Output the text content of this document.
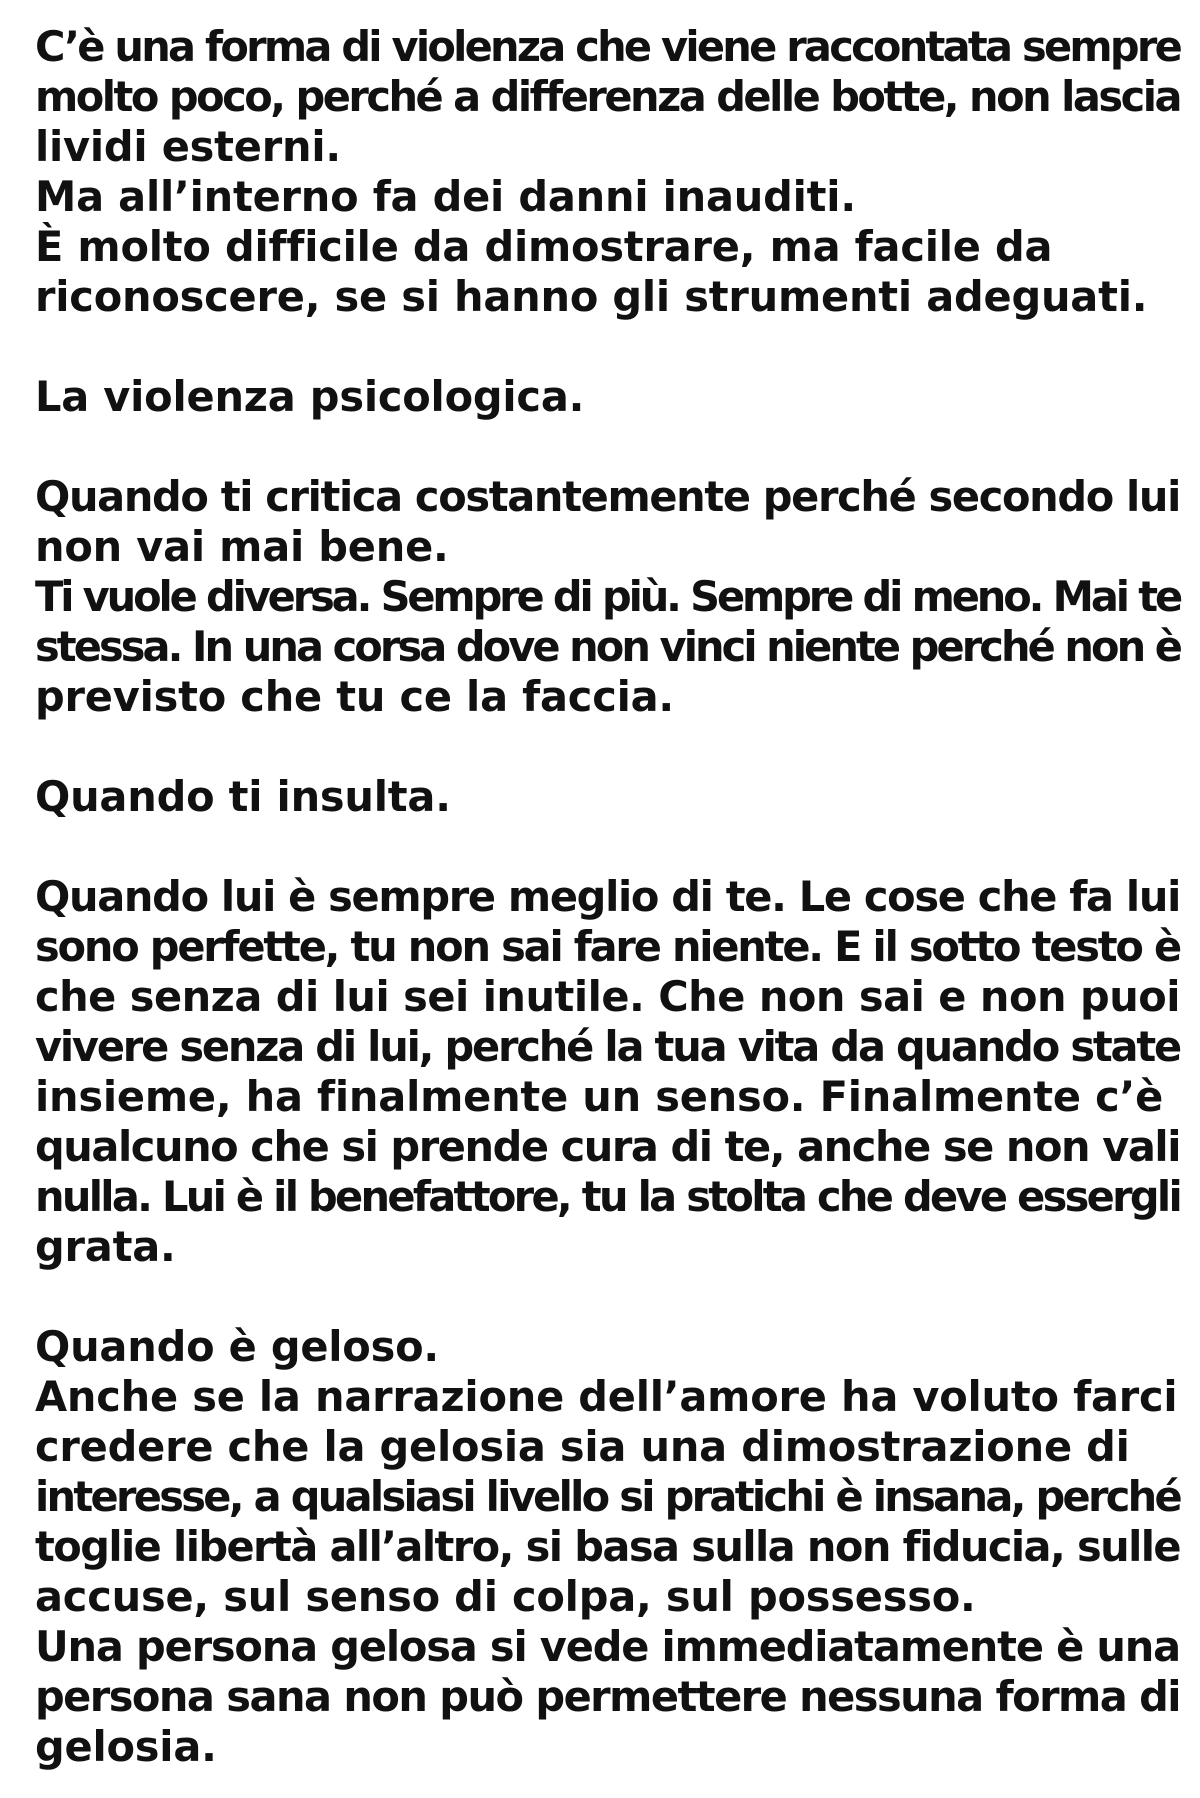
C’è una forma di violenza che viene raccontata sempre
molto poco, perché a differenza delle botte, non lascia
lividi esterni.
Ma all’interno fa dei danni inauditi.
È molto difficile da dimostrare, ma facile da
riconoscere, se si hanno gli strumenti adeguati.
La violenza psicologica.
Quando ti critica costantemente perché secondo lui
non vai mai bene.
Ti vuole diversa. Sempre di più. Sempre di meno. Mai te
stessa. In una corsa dove non vinci niente perché non è
previsto che tu ce la faccia.
Quando ti insulta.
Quando lui è sempre meglio di te. Le cose che fa lui
sono perfette, tu non sai fare niente. E il sotto testo è
che senza di lui sei inutile. Che non sai e non puoi
vivere senza di lui, perché la tua vita da quando state
insieme, ha finalmente un senso. Finalmente c’è
qualcuno che si prende cura di te, anche se non vali
nulla. Lui è il benefattore, tu la stolta che deve essergli
grata.
Quando è geloso.
Anche se la narrazione dell’amore ha voluto farci
credere che la gelosia sia una dimostrazione di
interesse, a qualsiasi livello si pratichi è insana, perché
toglie libertà all’altro, si basa sulla non fiducia, sulle
accuse, sul senso di colpa, sul possesso.
Una persona gelosa si vede immediatamente è una
persona sana non può permettere nessuna forma di
gelosia.
